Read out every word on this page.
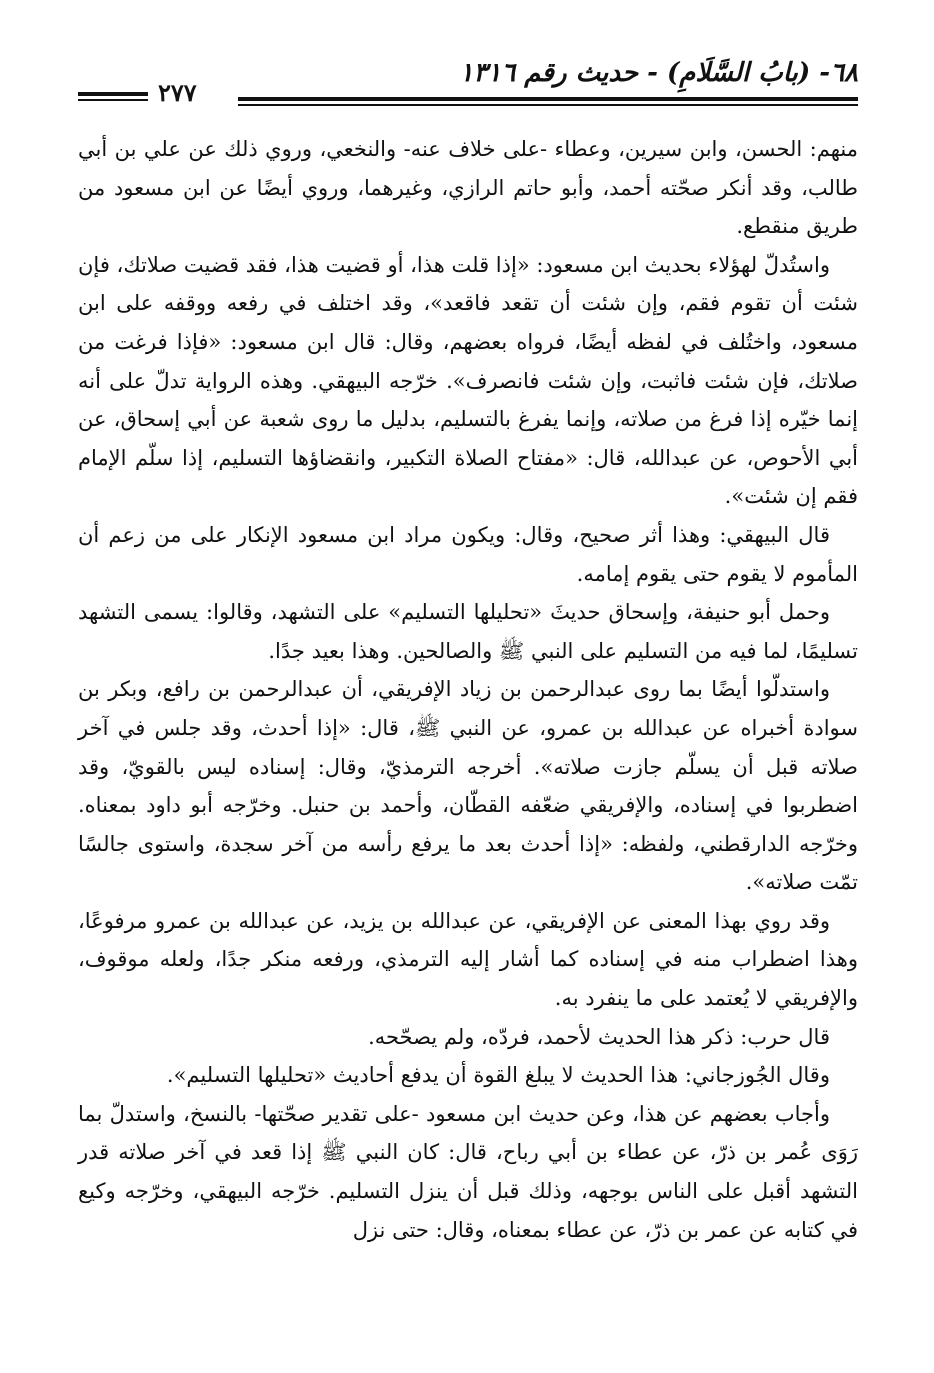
٦٨- (بابُ السَّلَامِ) - حديث رقم ١٣١٦
٢٧٧

منهم: الحسن، وابن سيرين، وعطاء -على خلاف عنه- والنخعي، وروي ذلك عن علي بن أبي طالب، وقد أنكر صحّته أحمد، وأبو حاتم الرازي، وغيرهما، وروي أيضًا عن ابن مسعود من طريق منقطع.

واستُدلّ لهؤلاء بحديث ابن مسعود: «إذا قلت هذا، أو قضيت هذا، فقد قضيت صلاتك، فإن شئت أن تقوم فقم، وإن شئت أن تقعد فاقعد»، وقد اختلف في رفعه ووقفه على ابن مسعود، واختُلف في لفظه أيضًا، فرواه بعضهم، وقال: قال ابن مسعود: «فإذا فرغت من صلاتك، فإن شئت فاثبت، وإن شئت فانصرف». خرّجه البيهقي. وهذه الرواية تدلّ على أنه إنما خيّره إذا فرغ من صلاته، وإنما يفرغ بالتسليم، بدليل ما روى شعبة عن أبي إسحاق، عن أبي الأحوص، عن عبدالله، قال: «مفتاح الصلاة التكبير، وانقضاؤها التسليم، إذا سلّم الإمام فقم إن شئت».

قال البيهقي: وهذا أثر صحيح، وقال: ويكون مراد ابن مسعود الإنكار على من زعم أن المأموم لا يقوم حتى يقوم إمامه.

وحمل أبو حنيفة، وإسحاق حديثَ «تحليلها التسليم» على التشهد، وقالوا: يسمى التشهد تسليمًا، لما فيه من التسليم على النبي ﷺ والصالحين. وهذا بعيد جدًا.

واستدلّوا أيضًا بما روى عبدالرحمن بن زياد الإفريقي، أن عبدالرحمن بن رافع، وبكر بن سوادة أخبراه عن عبدالله بن عمرو، عن النبي ﷺ، قال: «إذا أحدث، وقد جلس في آخر صلاته قبل أن يسلّم جازت صلاته». أخرجه الترمذيّ، وقال: إسناده ليس بالقويّ، وقد اضطربوا في إسناده، والإفريقي ضعّفه القطّان، وأحمد بن حنبل. وخرّجه أبو داود بمعناه. وخرّجه الدارقطني، ولفظه: «إذا أحدث بعد ما يرفع رأسه من آخر سجدة، واستوى جالسًا تمّت صلاته».

وقد روي بهذا المعنى عن الإفريقي، عن عبدالله بن يزيد، عن عبدالله بن عمرو مرفوعًا، وهذا اضطراب منه في إسناده كما أشار إليه الترمذي، ورفعه منكر جدًا، ولعله موقوف، والإفريقي لا يُعتمد على ما ينفرد به.

قال حرب: ذكر هذا الحديث لأحمد، فردّه، ولم يصحّحه.

وقال الجُوزجاني: هذا الحديث لا يبلغ القوة أن يدفع أحاديث «تحليلها التسليم».

وأجاب بعضهم عن هذا، وعن حديث ابن مسعود -على تقدير صحّتها- بالنسخ، واستدلّ بما رَوَى عُمر بن ذرّ، عن عطاء بن أبي رباح، قال: كان النبي ﷺ إذا قعد في آخر صلاته قدر التشهد أقبل على الناس بوجهه، وذلك قبل أن ينزل التسليم. خرّجه البيهقي، وخرّجه وكيع في كتابه عن عمر بن ذرّ، عن عطاء بمعناه، وقال: حتى نزل
